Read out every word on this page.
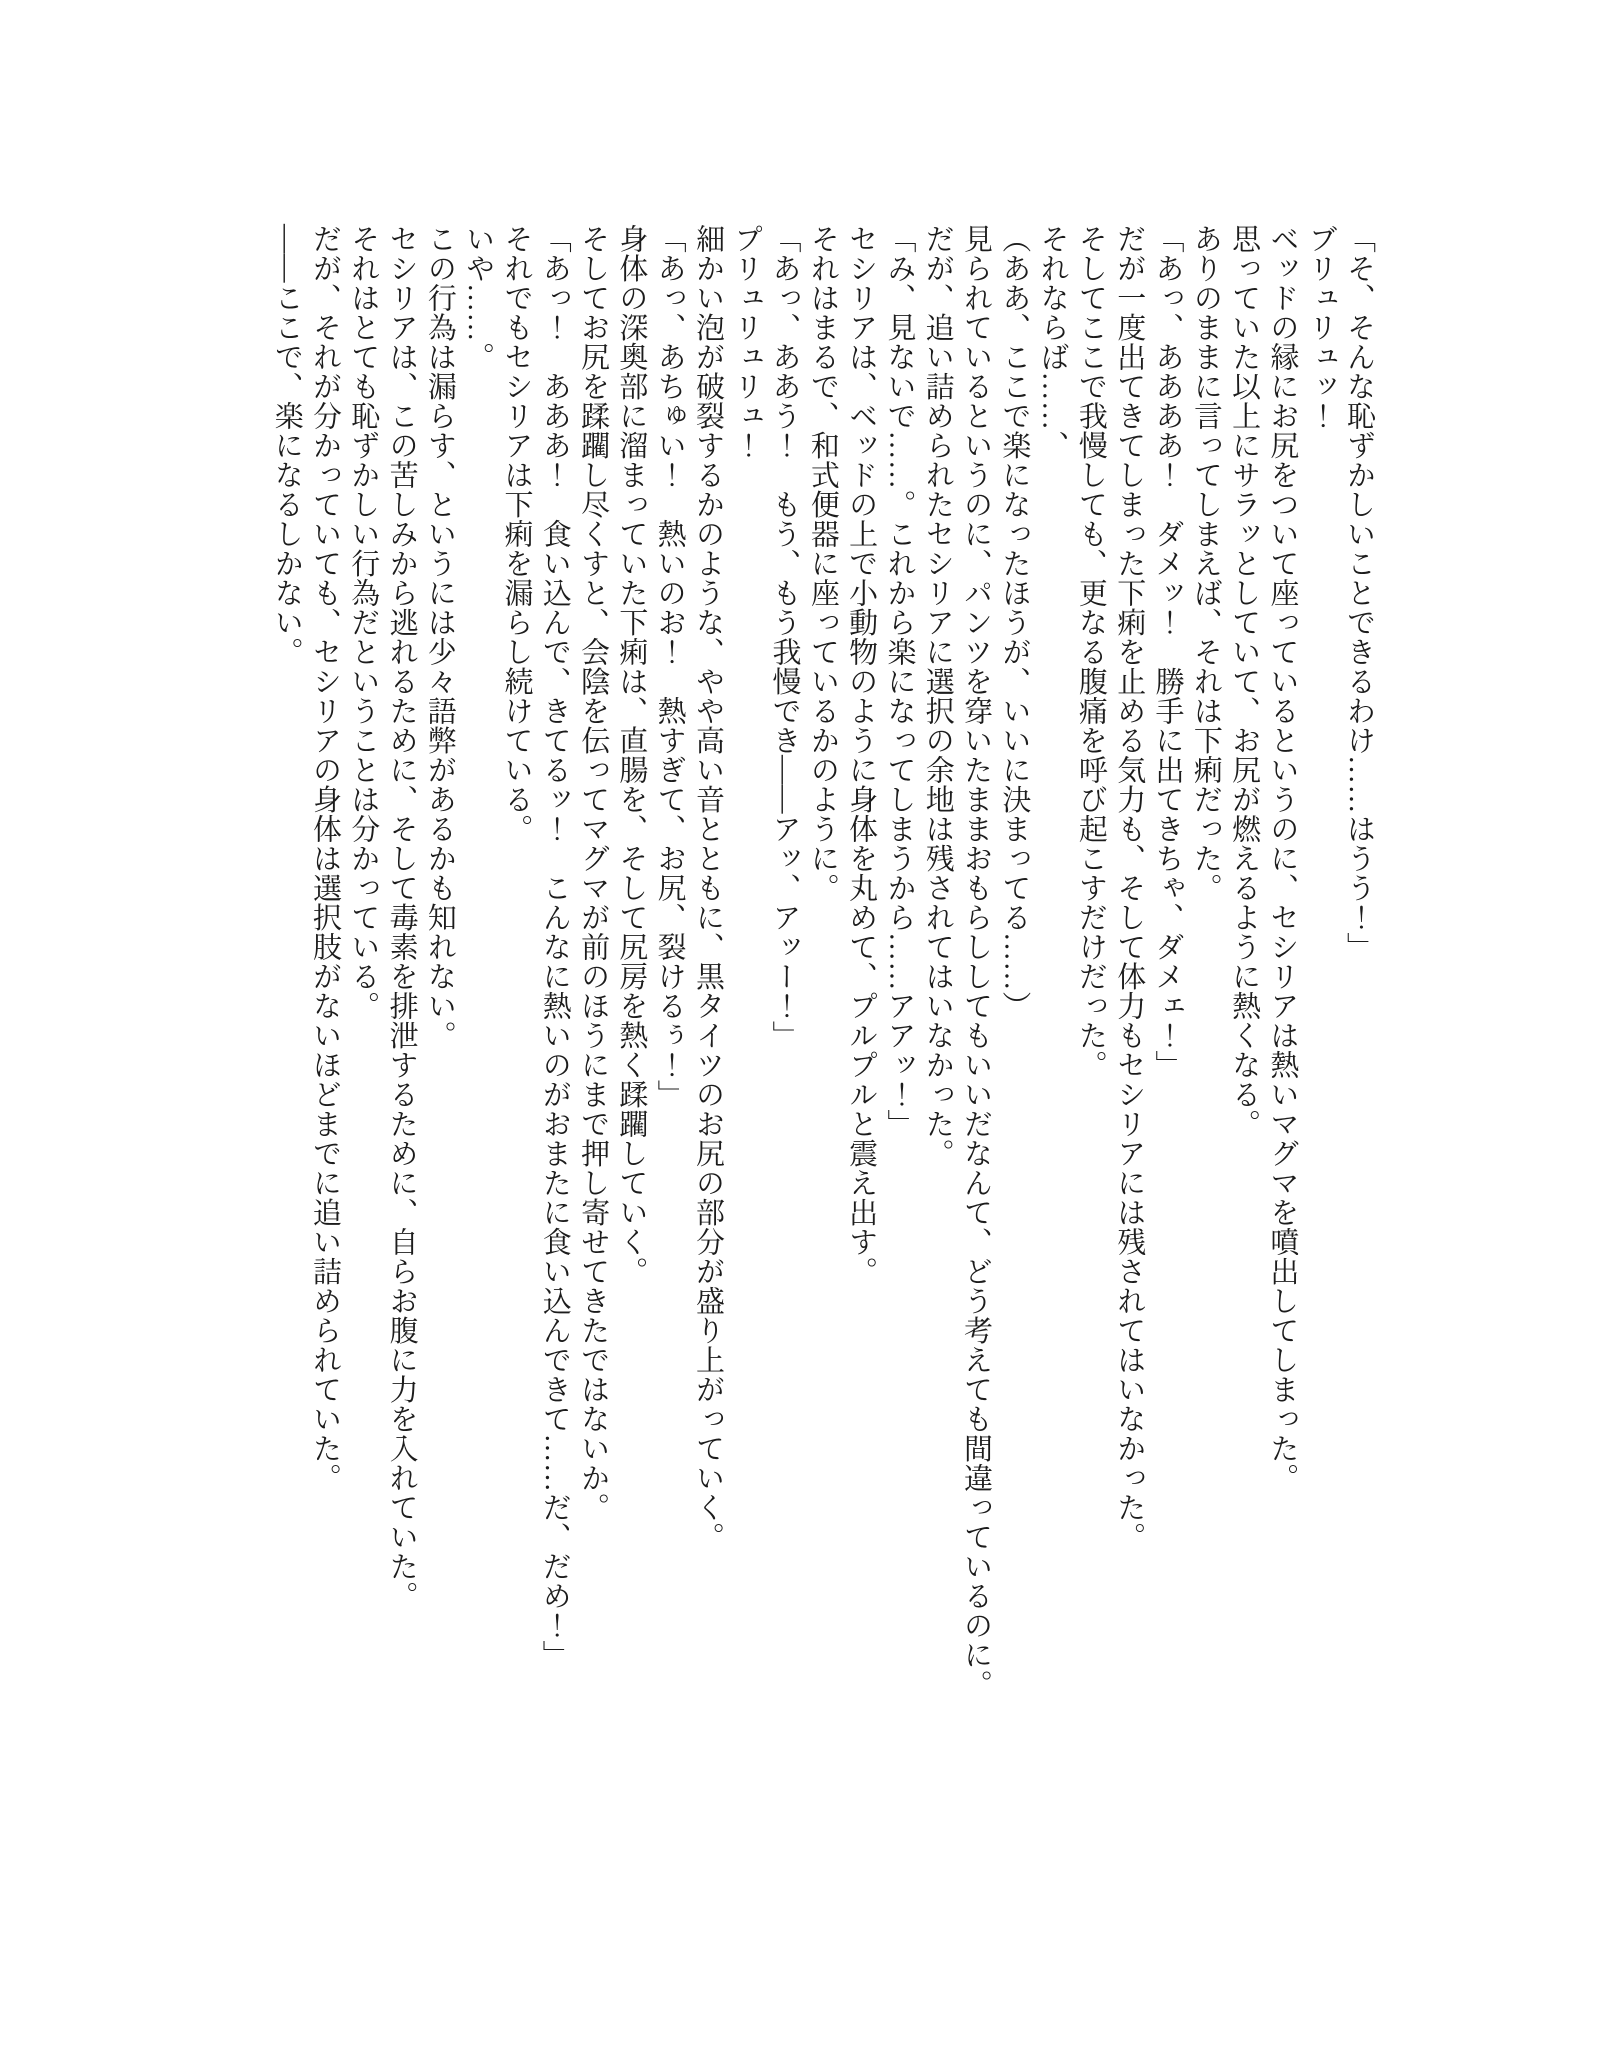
「そ、そんな恥ずかしいことできるわけ……はうう！」

ブリュリュッ！

ベッドの縁にお尻をついて座っているというのに、セシリアは熱いマグマを噴出してしまった。

思っていた以上にサラッとしていて、お尻が燃えるように熱くなる。

ありのままに言ってしまえば、それは下痢だった。

「あっ、ああああ！　ダメッ！　勝手に出てきちゃ、ダメェ！」

だが一度出てきてしまった下痢を止める気力も、そして体力もセシリアには残されてはいなかった。

そしてここで我慢しても、更なる腹痛を呼び起こすだけだった。

それならば……、

（ああ、ここで楽になったほうが、いいに決まってる……）

見られているというのに、パンツを穿いたままおもらししてもいいだなんて、どう考えても間違っているのに。

だが、追い詰められたセシリアに選択の余地は残されてはいなかった。

「み、見ないで……。これから楽になってしまうから……アアッ！」

セシリアは、ベッドの上で小動物のように身体を丸めて、プルプルと震え出す。

それはまるで、和式便器に座っているかのように。

「あっ、ああう！　もう、もう我慢でき――アッ、アッー！」

プリュリュリュ！

細かい泡が破裂するかのような、やや高い音とともに、黒タイツのお尻の部分が盛り上がっていく。

「あっ、あちゅい！　熱いのお！　熱すぎて、お尻、裂けるぅ！」

身体の深奥部に溜まっていた下痢は、直腸を、そして尻房を熱く蹂躙していく。

そしてお尻を蹂躙し尽くすと、会陰を伝ってマグマが前のほうにまで押し寄せてきたではないか。

「あっ！　あああ！　食い込んで、きてるッ！　こんなに熱いのがおまたに食い込んできて……だ、だめ！」

それでもセシリアは下痢を漏らし続けている。

いや……。

この行為は漏らす、というには少々語弊があるかも知れない。

セシリアは、この苦しみから逃れるために、そして毒素を排泄するために、自らお腹に力を入れていた。

それはとても恥ずかしい行為だということは分かっている。

だが、それが分かっていても、セシリアの身体は選択肢がないほどまでに追い詰められていた。

――ここで、楽になるしかない。
